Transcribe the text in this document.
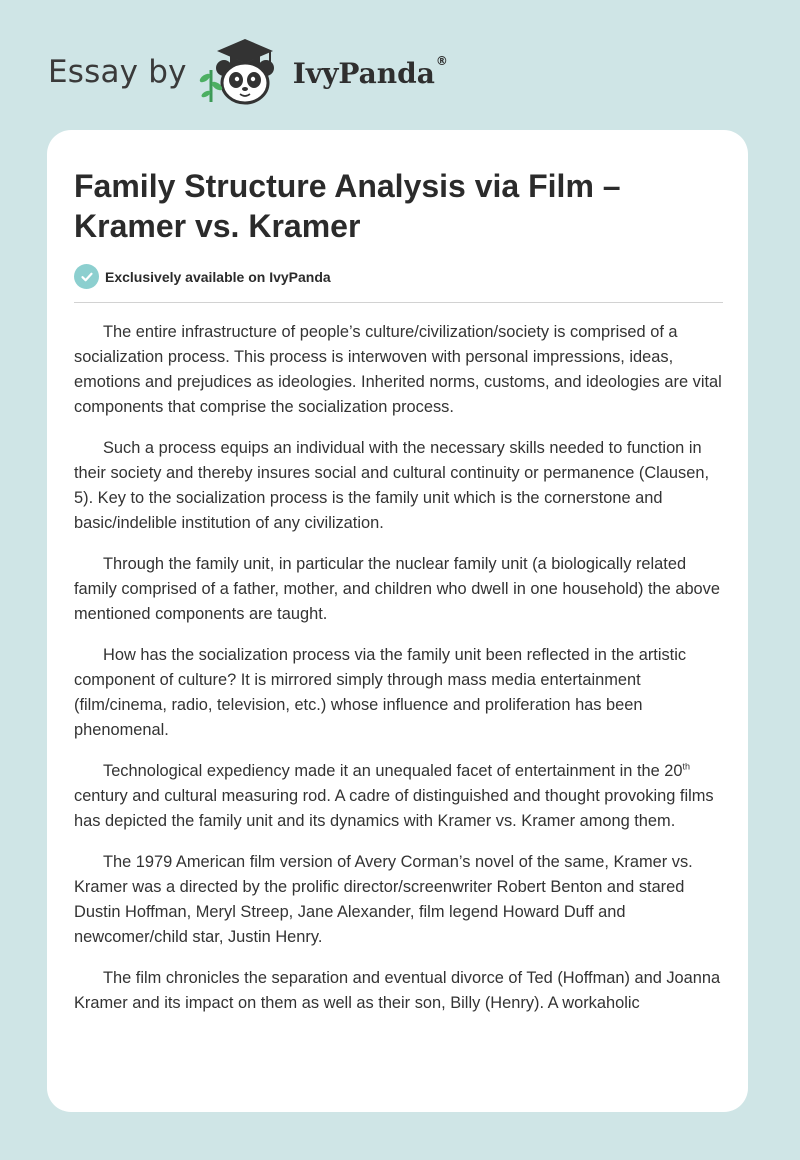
Essay by	IvyPanda®
Family Structure Analysis via Film – Kramer vs. Kramer
Exclusively available on IvyPanda

The entire infrastructure of people’s culture/civilization/society is comprised of a socialization process. This process is interwoven with personal impressions, ideas, emotions and prejudices as ideologies. Inherited norms, customs, and ideologies are vital components that comprise the socialization process.

Such a process equips an individual with the necessary skills needed to function in their society and thereby insures social and cultural continuity or permanence (Clausen, 5). Key to the socialization process is the family unit which is the cornerstone and basic/indelible institution of any civilization.

Through the family unit, in particular the nuclear family unit (a biologically related family comprised of a father, mother, and children who dwell in one household) the above mentioned components are taught.

How has the socialization process via the family unit been reflected in the artistic component of culture? It is mirrored simply through mass media entertainment (film/cinema, radio, television, etc.) whose influence and proliferation has been phenomenal.

Technological expediency made it an unequaled facet of entertainment in the 20th century and cultural measuring rod. A cadre of distinguished and thought provoking films has depicted the family unit and its dynamics with Kramer vs. Kramer among them.

The 1979 American film version of Avery Corman’s novel of the same, Kramer vs. Kramer was a directed by the prolific director/screenwriter Robert Benton and stared Dustin Hoffman, Meryl Streep, Jane Alexander, film legend Howard Duff and newcomer/child star, Justin Henry.

The film chronicles the separation and eventual divorce of Ted (Hoffman) and Joanna Kramer and its impact on them as well as their son, Billy (Henry). A workaholic
